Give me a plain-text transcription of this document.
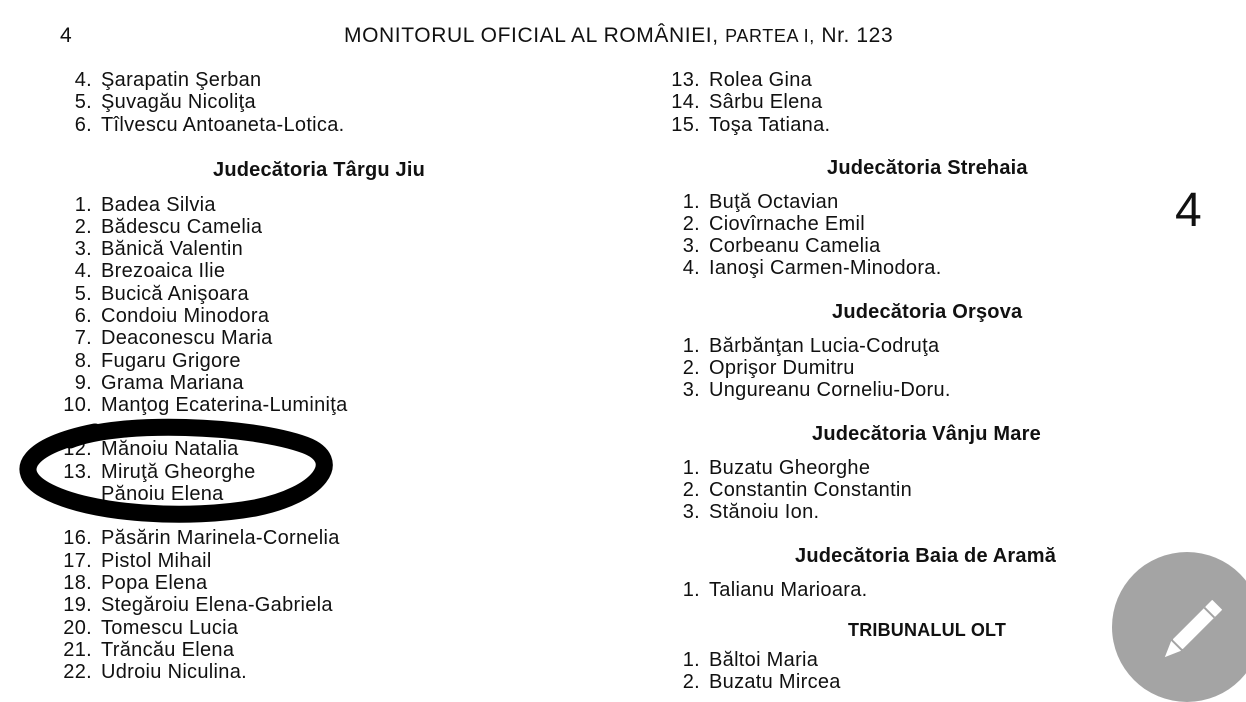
4	MONITORUL OFICIAL AL ROMÂNIEI, PARTEA I, Nr. 123
4. Şarapatin Şerban
5. Şuvagău Nicoliţa
6. Tîlvescu Antoaneta-Lotica.
Judecătoria Târgu Jiu
1. Badea Silvia
2. Bădescu Camelia
3. Bănică Valentin
4. Brezoaica Ilie
5. Bucică Anişoara
6. Condoiu Minodora
7. Deaconescu Maria
8. Fugaru Grigore
9. Grama Mariana
10. Manţog Ecaterina-Luminiţa
12. Mănoiu Natalia
13. Miruţă Gheorghe
Pănoiu Elena
16. Păsărin Marinela-Cornelia
17. Pistol Mihail
18. Popa Elena
19. Stegăroiu Elena-Gabriela
20. Tomescu Lucia
21. Trăncău Elena
22. Udroiu Niculina.
13. Rolea Gina
14. Sârbu Elena
15. Toşa Tatiana.
Judecătoria Strehaia
1. Buţă Octavian
2. Ciovîrnache Emil
3. Corbeanu Camelia
4. Ianoşi Carmen-Minodora.
Judecătoria Orşova
1. Bărbănţan Lucia-Codruţa
2. Oprişor Dumitru
3. Ungureanu Corneliu-Doru.
Judecătoria Vânju Mare
1. Buzatu Gheorghe
2. Constantin Constantin
3. Stănoiu Ion.
Judecătoria Baia de Aramă
1. Talianu Marioara.
TRIBUNALUL OLT
1. Băltoi Maria
2. Buzatu Mircea
4
